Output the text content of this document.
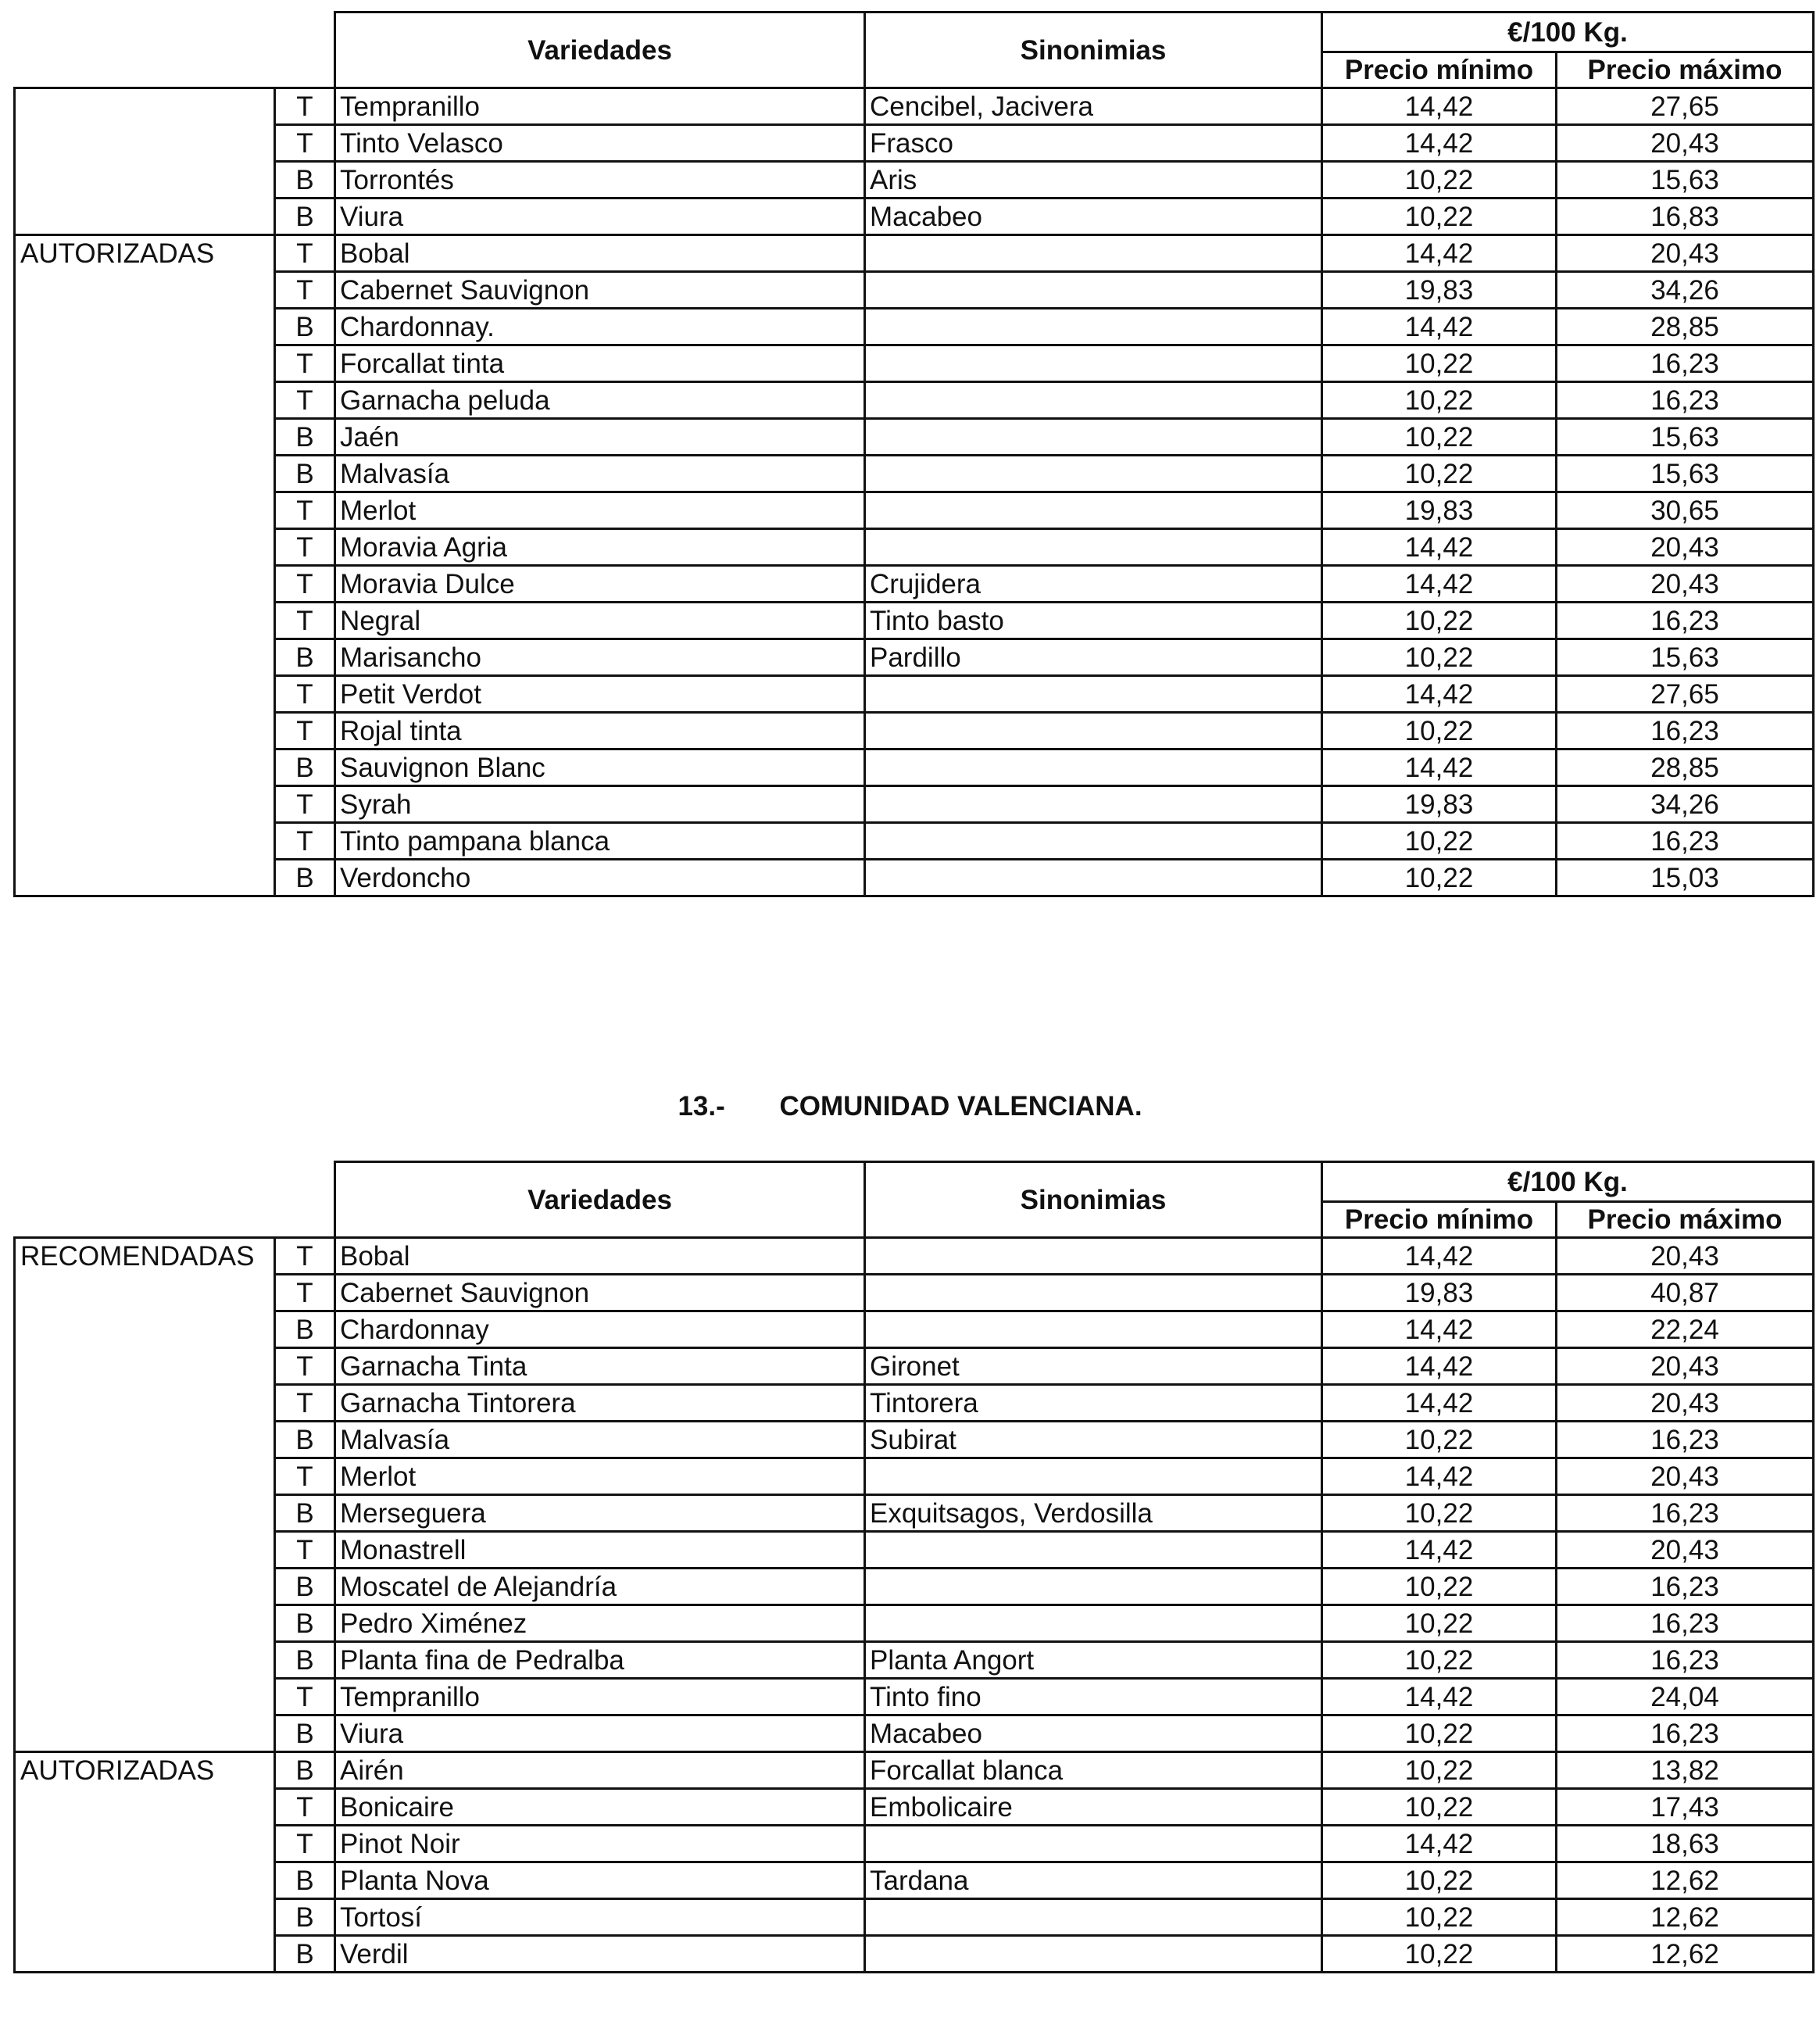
		Variedades	Sinonimias	€/100 Kg.	
				Precio mínimo	Precio máximo
	T	Tempranillo	Cencibel, Jacivera	14,42	27,65
	T	Tinto Velasco	Frasco	14,42	20,43
	B	Torrontés	Aris	10,22	15,63
	B	Viura	Macabeo	10,22	16,83
AUTORIZADAS	T	Bobal		14,42	20,43
	T	Cabernet Sauvignon		19,83	34,26
	B	Chardonnay.		14,42	28,85
	T	Forcallat tinta		10,22	16,23
	T	Garnacha peluda		10,22	16,23
	B	Jaén		10,22	15,63
	B	Malvasía		10,22	15,63
	T	Merlot		19,83	30,65
	T	Moravia Agria		14,42	20,43
	T	Moravia Dulce	Crujidera	14,42	20,43
	T	Negral	Tinto basto	10,22	16,23
	B	Marisancho	Pardillo	10,22	15,63
	T	Petit Verdot		14,42	27,65
	T	Rojal tinta		10,22	16,23
	B	Sauvignon Blanc		14,42	28,85
	T	Syrah		19,83	34,26
	T	Tinto pampana blanca		10,22	16,23
	B	Verdoncho		10,22	15,03
13.- COMUNIDAD VALENCIANA.
		Variedades	Sinonimias	€/100 Kg.	
				Precio mínimo	Precio máximo
RECOMENDADAS	T	Bobal		14,42	20,43
	T	Cabernet Sauvignon		19,83	40,87
	B	Chardonnay		14,42	22,24
	T	Garnacha Tinta	Gironet	14,42	20,43
	T	Garnacha Tintorera	Tintorera	14,42	20,43
	B	Malvasía	Subirat	10,22	16,23
	T	Merlot		14,42	20,43
	B	Merseguera	Exquitsagos, Verdosilla	10,22	16,23
	T	Monastrell		14,42	20,43
	B	Moscatel de Alejandría		10,22	16,23
	B	Pedro Ximénez		10,22	16,23
	B	Planta fina de Pedralba	Planta Angort	10,22	16,23
	T	Tempranillo	Tinto fino	14,42	24,04
	B	Viura	Macabeo	10,22	16,23
AUTORIZADAS	B	Airén	Forcallat blanca	10,22	13,82
	T	Bonicaire	Embolicaire	10,22	17,43
	T	Pinot Noir		14,42	18,63
	B	Planta Nova	Tardana	10,22	12,62
	B	Tortosí		10,22	12,62
	B	Verdil		10,22	12,62
